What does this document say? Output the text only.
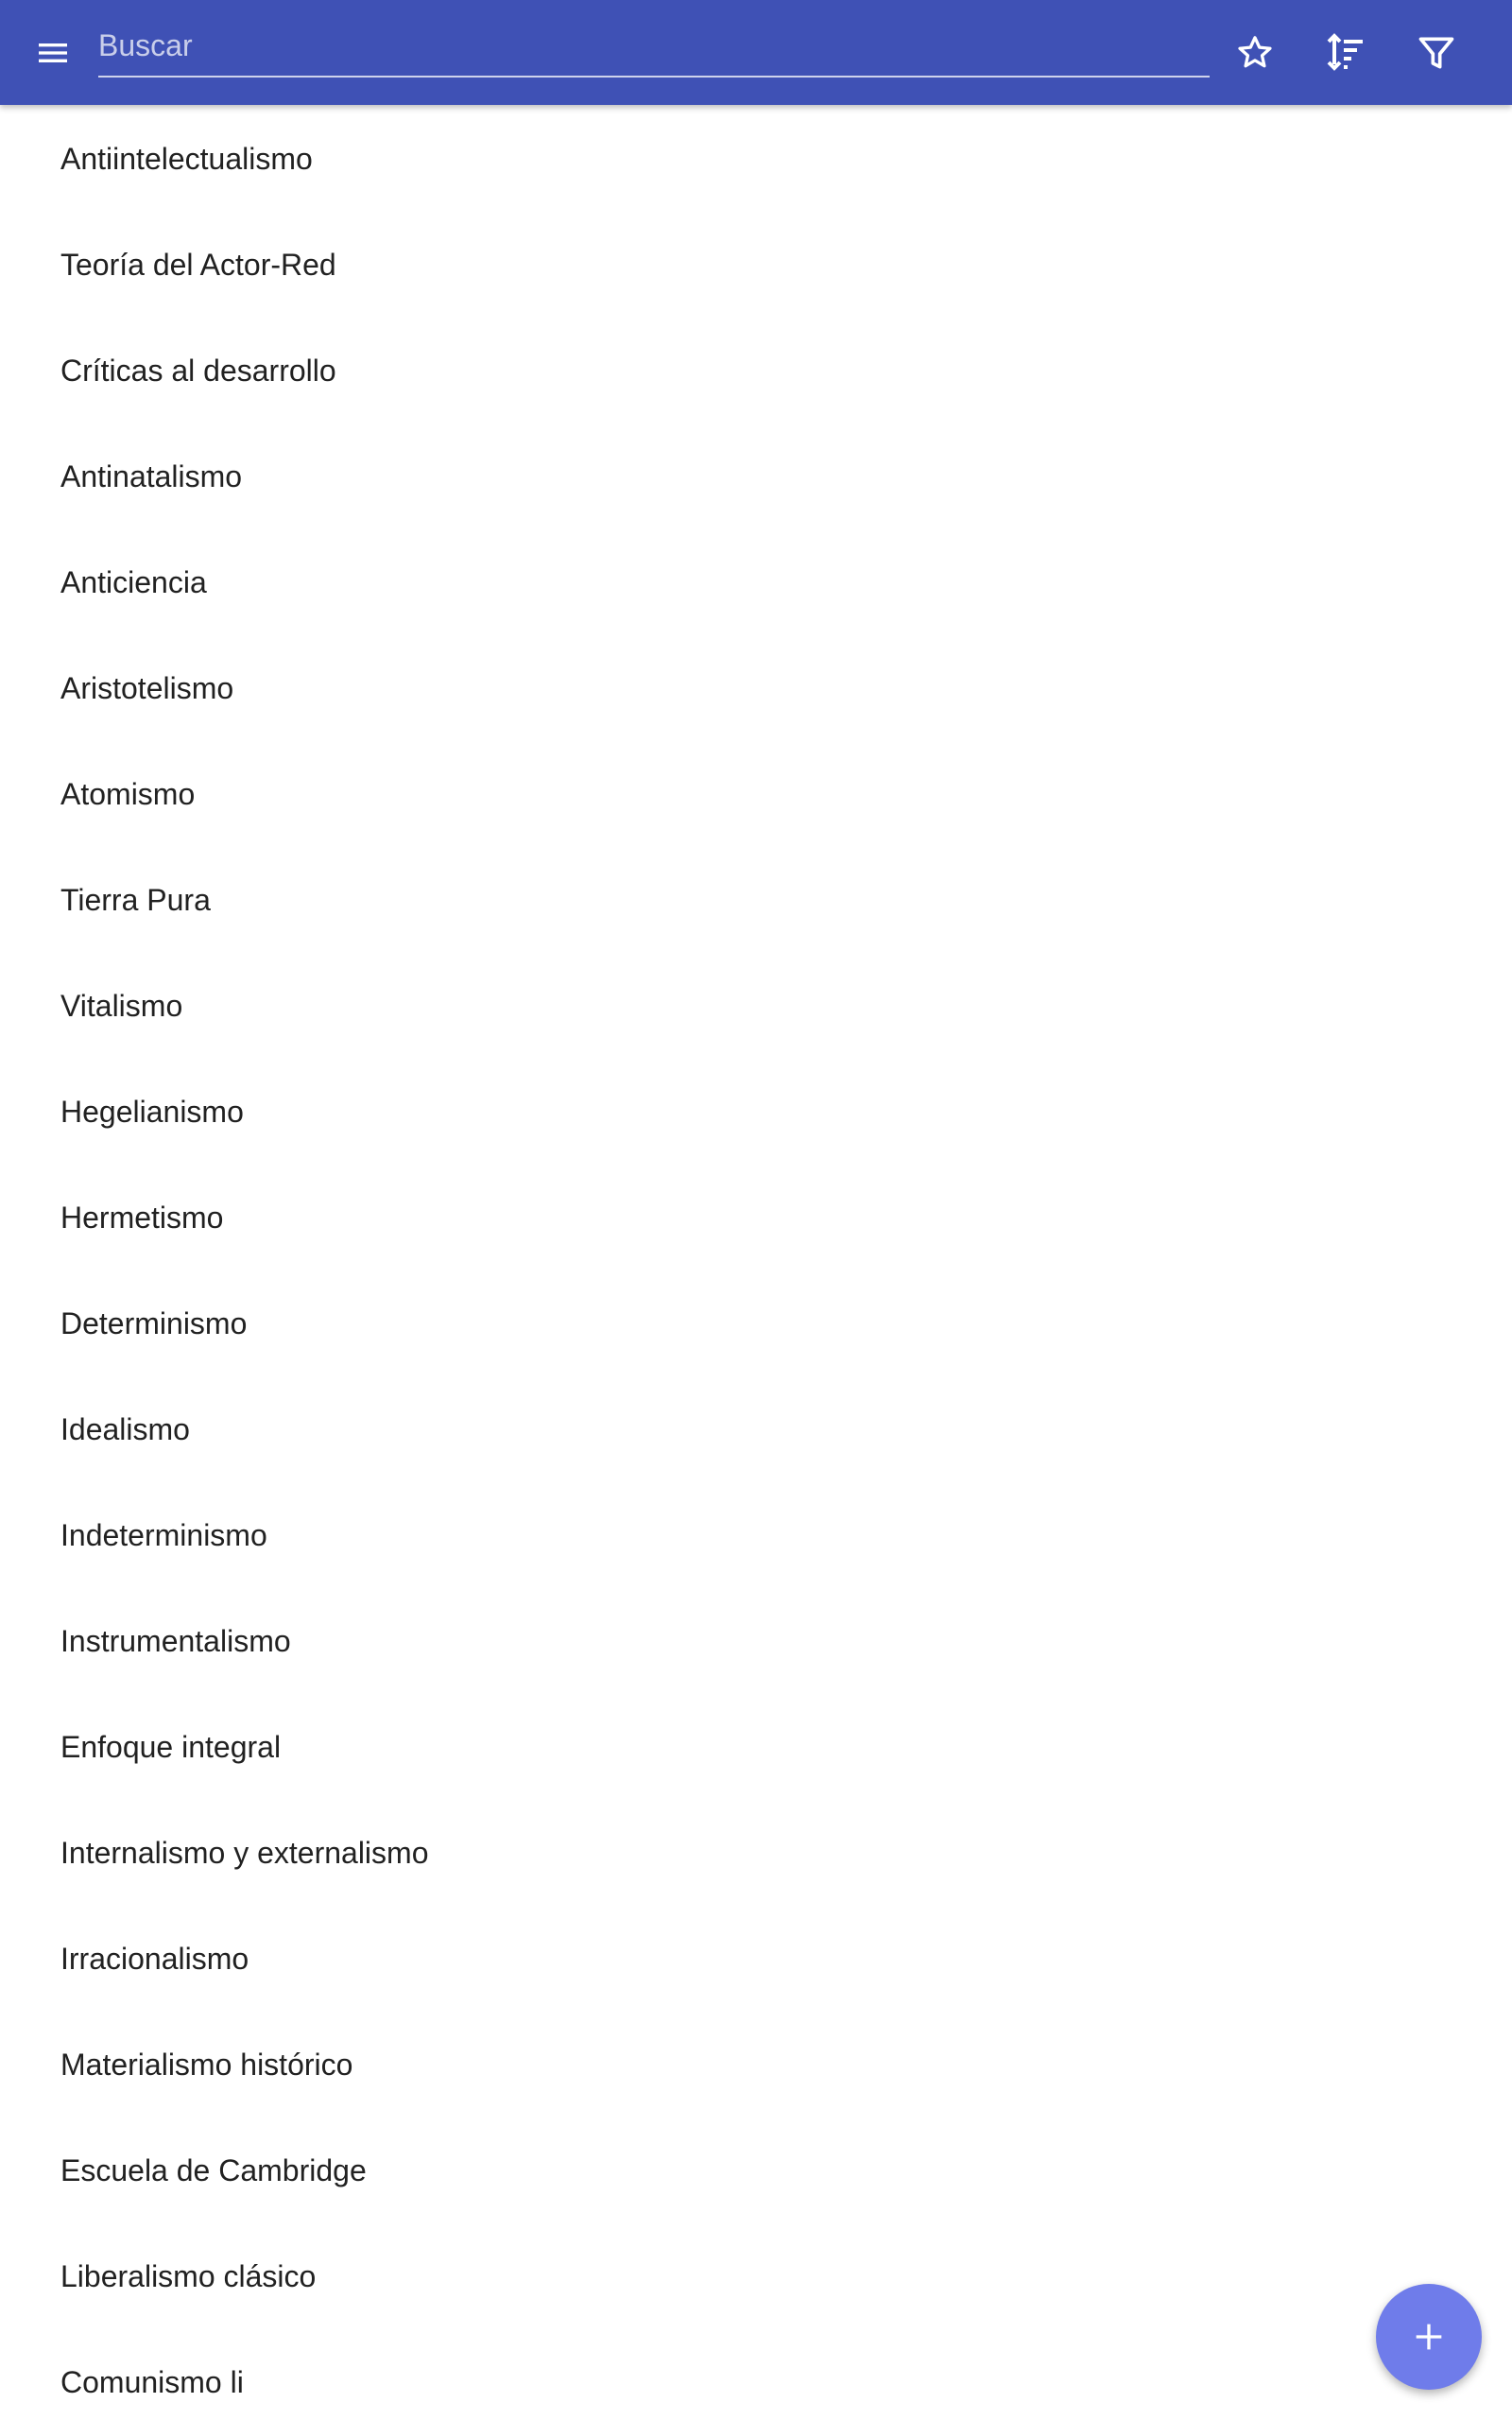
Buscar
Antiintelectualismo
Teoría del Actor-Red
Críticas al desarrollo
Antinatalismo
Anticiencia
Aristotelismo
Atomismo
Tierra Pura
Vitalismo
Hegelianismo
Hermetismo
Determinismo
Idealismo
Indeterminismo
Instrumentalismo
Enfoque integral
Internalismo y externalismo
Irracionalismo
Materialismo histórico
Escuela de Cambridge
Liberalismo clásico
Comunismo li
